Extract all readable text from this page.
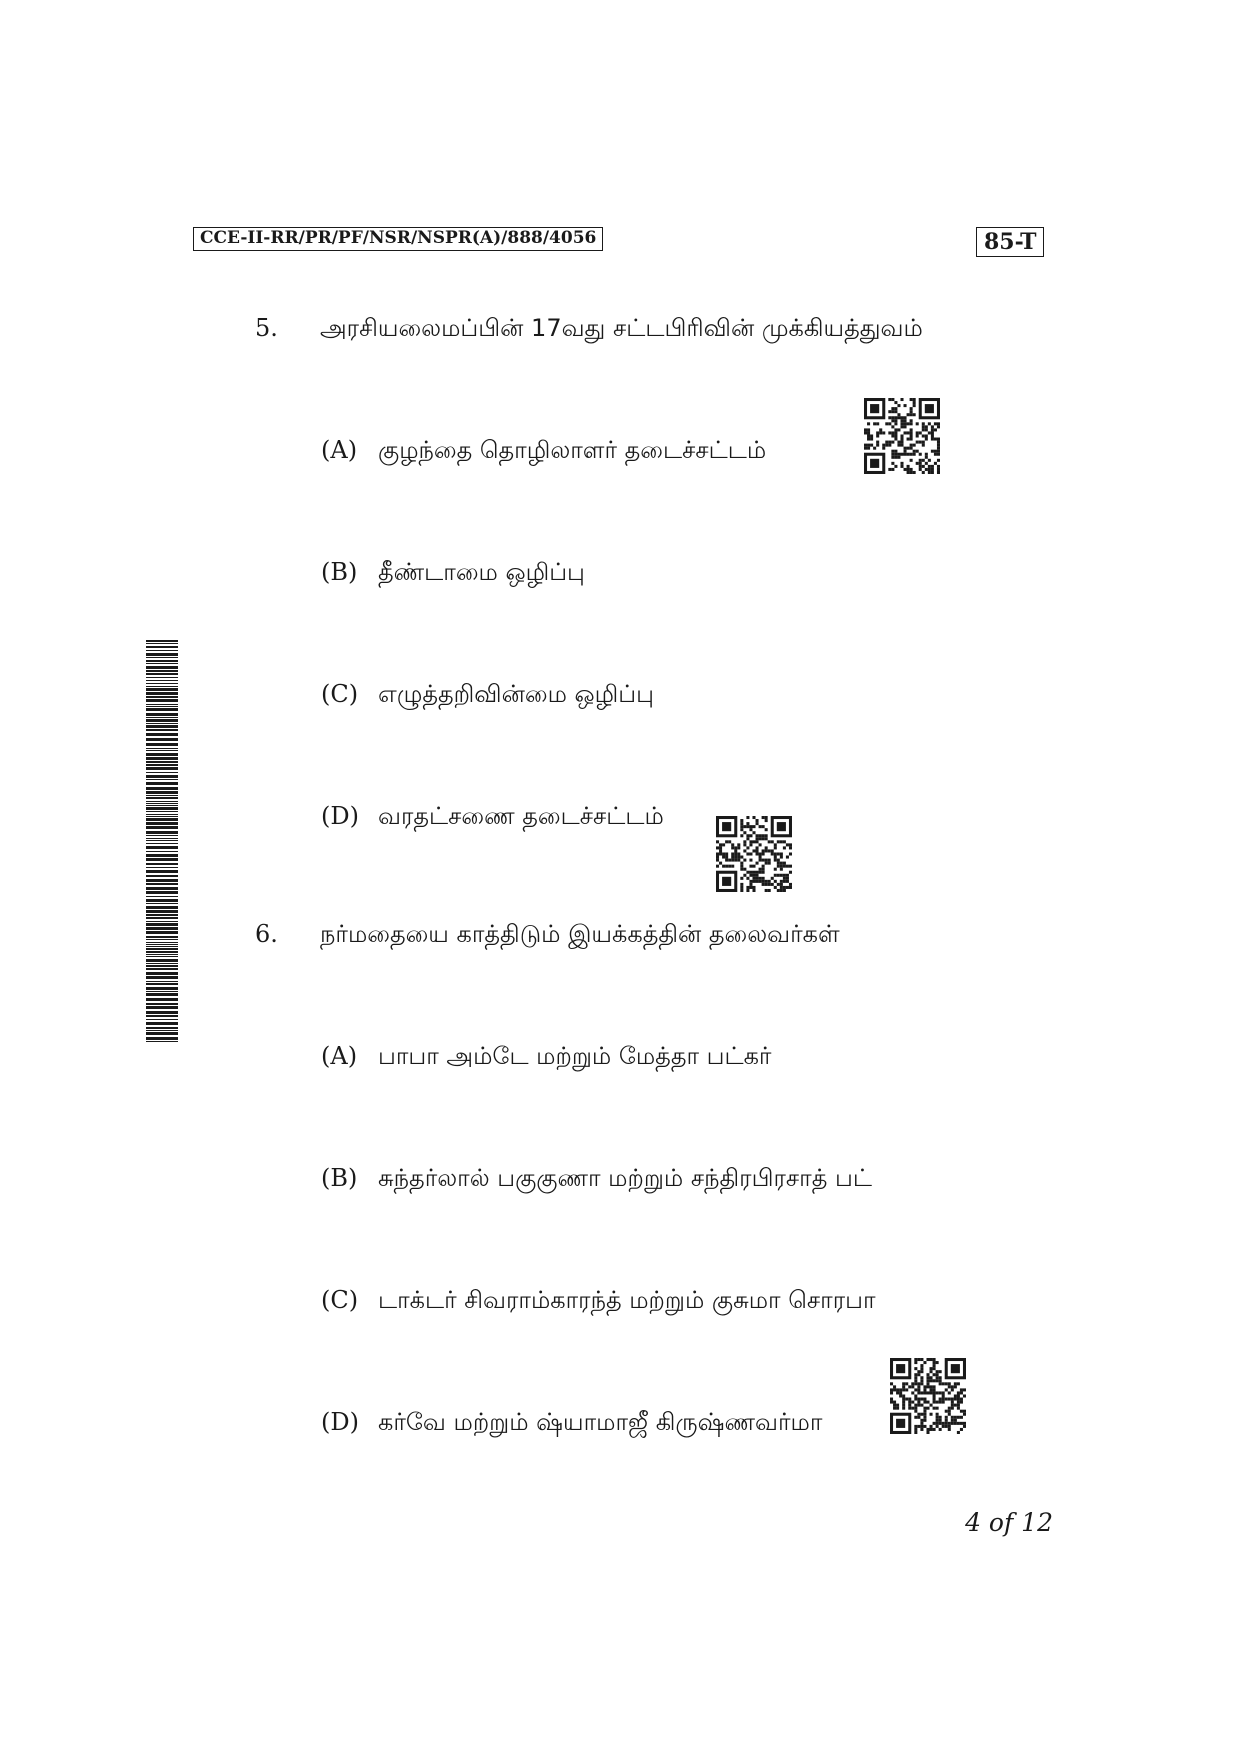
CCE-II-RR/PR/PF/NSR/NSPR(A)/888/4056	85-T
5. அரசியலைமப்பின் 17வது சட்டபிரிவின் முக்கியத்துவம்
(A) குழந்தை தொழிலாளர் தடைச்சட்டம்
(B) தீண்டாமை ஒழிப்பு
(C) எழுத்தறிவின்மை ஒழிப்பு
(D) வரதட்சணை தடைச்சட்டம்
6. நர்மதையை காத்திடும் இயக்கத்தின் தலைவர்கள்
(A) பாபா அம்டே மற்றும் மேத்தா பட்கர்
(B) சுந்தர்லால் பகுகுணா மற்றும் சந்திரபிரசாத் பட்
(C) டாக்டர் சிவராம்காரந்த் மற்றும் குசுமா சொரபா
(D) கர்வே மற்றும் ஷ்யாமாஜீ கிருஷ்ணவர்மா
4 of 12
